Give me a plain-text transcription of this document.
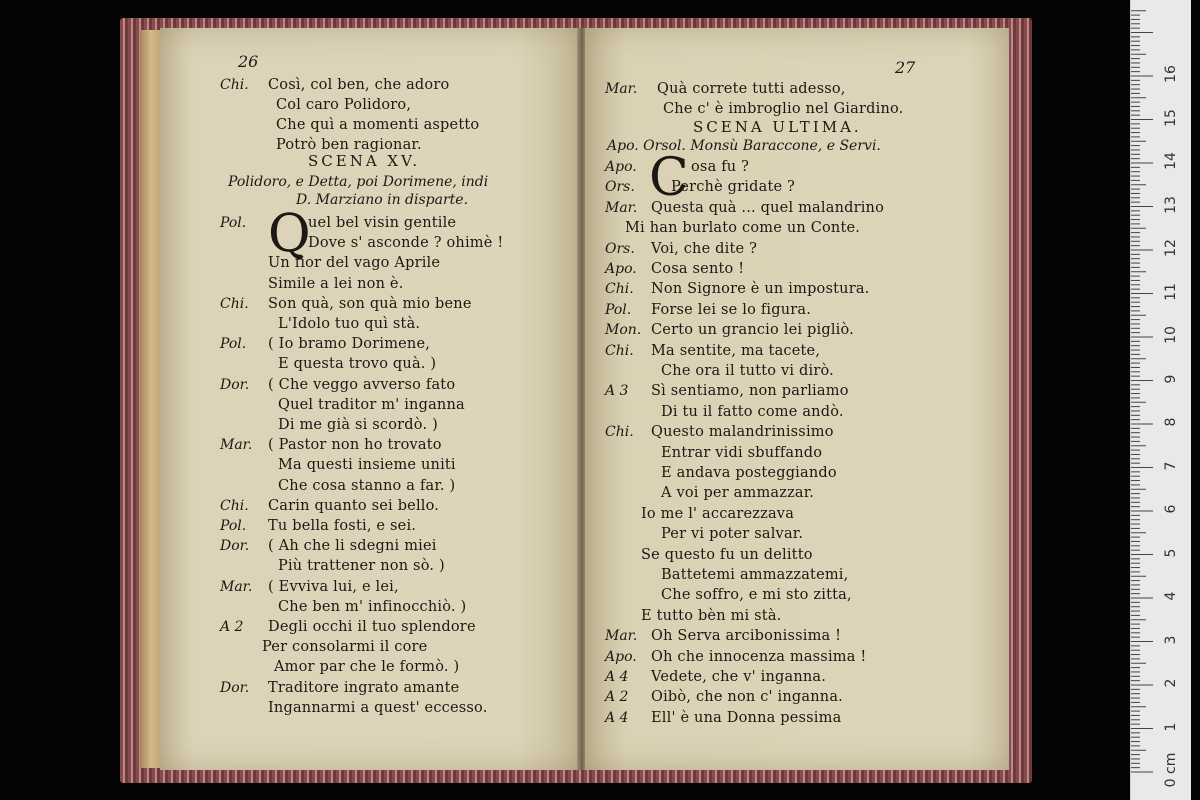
26
Chi. Così, col ben, che adoro
Col caro Polidoro,
Che quì a momenti aspetto
Potrò ben ragionar.
SCENA XV.
Polidoro, e Detta, poi Dorimene, indi
D. Marziano in disparte.
Q
Pol.	uel bel visin gentile
Dove s' asconde ? ohimè !
Un fior del vago Aprile
Simile a lei non è.
Chi. Son quà, son quà mio bene
L'Idolo tuo quì stà.
Pol. ( Io bramo Dorimene,
E questa trovo quà. )
Dor. ( Che veggo avverso fato
Quel traditor m' inganna
Di me già si scordò. )
Mar. ( Pastor non ho trovato
Ma questi insieme uniti
Che cosa stanno a far. )
Chi. Carin quanto sei bello.
Pol. Tu bella fosti, e sei.
Dor. ( Ah che li sdegni miei
Più trattener non sò. )
Mar. ( Evviva lui, e lei,
Che ben m' infinocchiò. )
A 2 Degli occhi il tuo splendore
Per consolarmi il core
Amor par che le formò. )
Dor. Traditore ingrato amante
Ingannarmi a quest' eccesso.
27
Mar. Quà correte tutti adesso,
Che c' è imbroglio nel Giardino.
SCENA ULTIMA.
Apo. Orsol. Monsù Baraccone, e Servi.
C
Apo.	osa fu ?
Ors. Perchè gridate ?
Mar. Questa quà ... quel malandrino
Mi han burlato come un Conte.
Ors. Voi, che dite ?
Apo. Cosa sento !
Chi. Non Signore è un impostura.
Pol. Forse lei se lo figura.
Mon. Certo un grancio lei pigliò.
Chi. Ma sentite, ma tacete,
Che ora il tutto vi dirò.
A 3 Sì sentiamo, non parliamo
Di tu il fatto come andò.
Chi. Questo malandrinissimo
Entrar vidi sbuffando
E andava posteggiando
A voi per ammazzar.
Io me l' accarezzava
Per vi poter salvar.
Se questo fu un delitto
Battetemi ammazzatemi,
Che soffro, e mi sto zitta,
E tutto bèn mi stà.
Mar. Oh Serva arcibonissima !
Apo. Oh che innocenza massima !
A 4 Vedete, che v' inganna.
A 2 Oibò, che non c' inganna.
A 4 Ell' è una Donna pessima
0 cm
1
2
3
4
5
6
7
8
9
10
11
12
13
14
15
16
